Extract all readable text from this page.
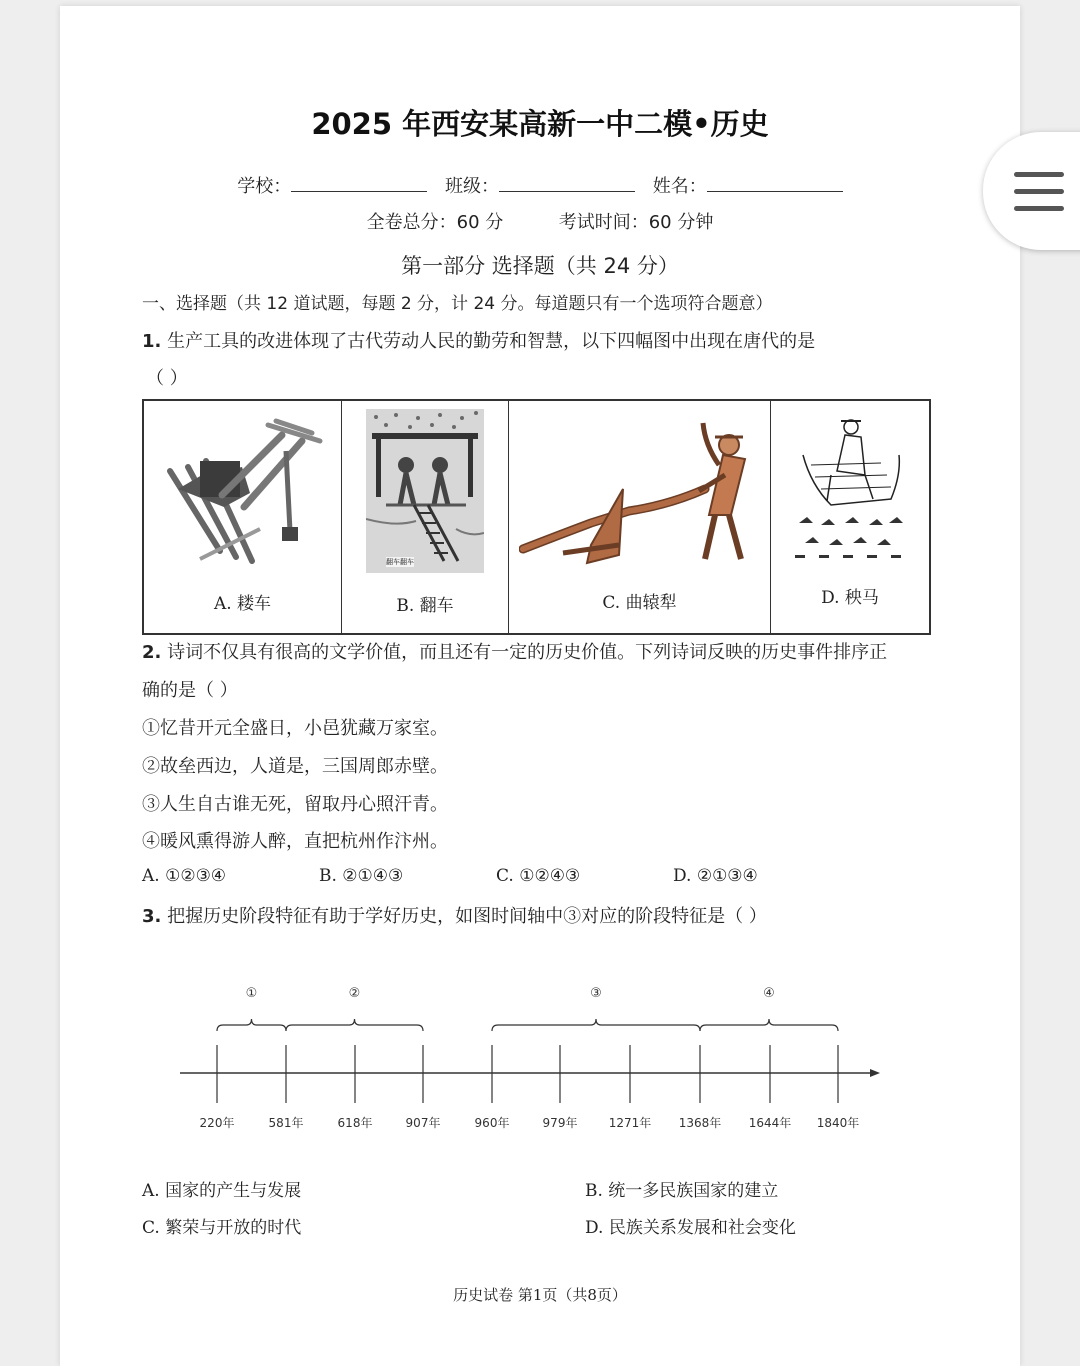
2025 年西安某高新一中二模•历史
学校：	班级：	姓名：
全卷总分：60 分	考试时间：60 分钟
第一部分 选择题（共 24 分）
一、选择题（共 12 道试题，每题 2 分，计 24 分。每道题只有一个选项符合题意）
1. 生产工具的改进体现了古代劳动人民的勤劳和智慧，以下四幅图中出现在唐代的是
（ ）
A. 耧车
翻车翻车
B. 翻车	C. 曲辕犁	D. 秧马
2. 诗词不仅具有很高的文学价值，而且还有一定的历史价值。下列诗词反映的历史事件排序正
确的是（ ）
①忆昔开元全盛日，小邑犹藏万家室。
②故垒西边，人道是，三国周郎赤壁。
③人生自古谁无死，留取丹心照汗青。
④暖风熏得游人醉，直把杭州作汴州。
A. ①②③④	B. ②①④③	C. ①②④③	D. ②①③④
3. 把握历史阶段特征有助于学好历史，如图时间轴中③对应的阶段特征是（ ）
220年	581年	618年	907年	960年	979年	1271年 1368年 1644年 1840年
①	②	③	④
A. 国家的产生与发展	B. 统一多民族国家的建立
C. 繁荣与开放的时代	D. 民族关系发展和社会变化
历史试卷 第1页（共8页）
